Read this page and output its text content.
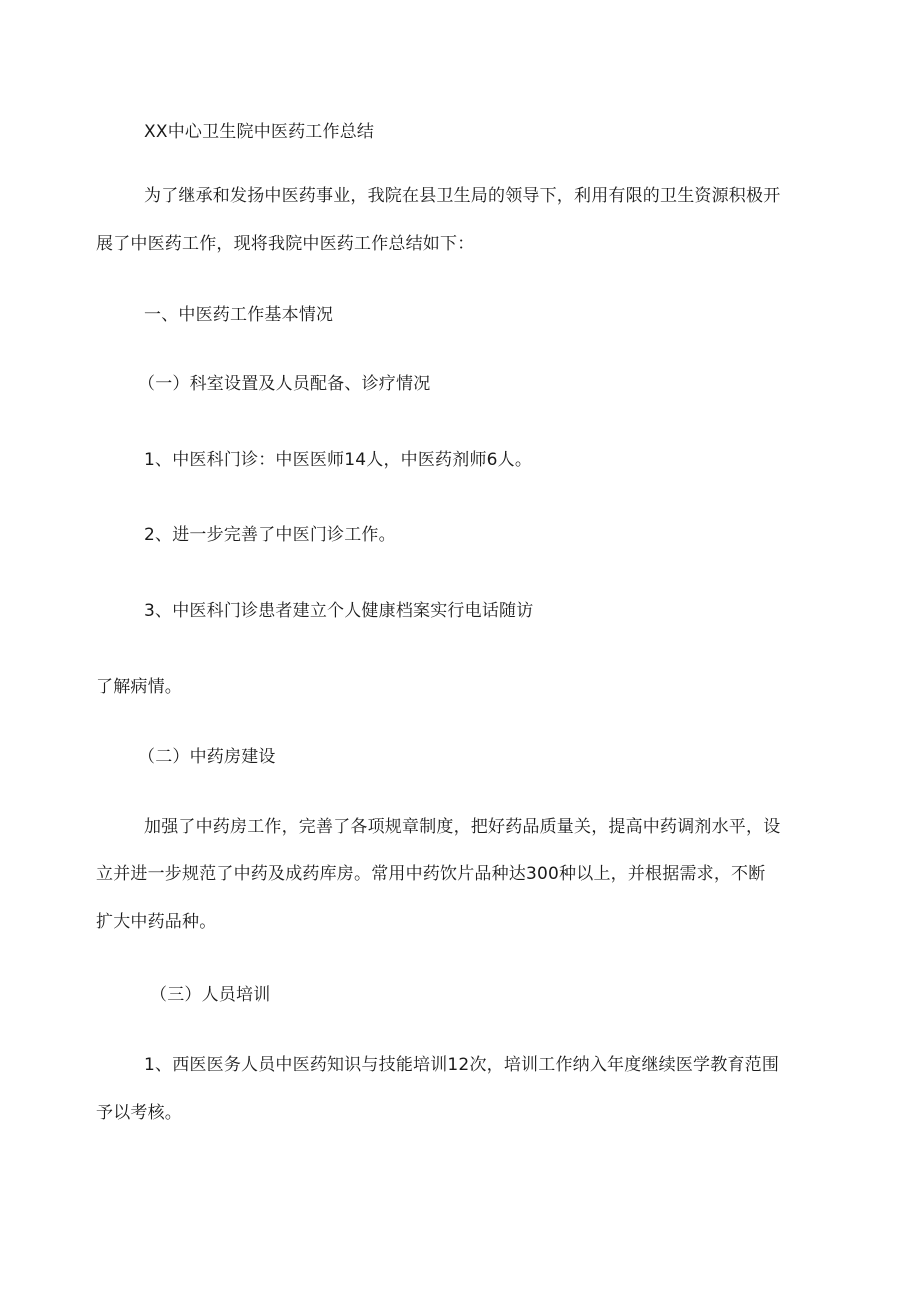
XX中心卫生院中医药工作总结
为了继承和发扬中医药事业，我院在县卫生局的领导下，利用有限的卫生资源积极开
展了中医药工作，现将我院中医药工作总结如下：
一、中医药工作基本情况
（一）科室设置及人员配备、诊疗情况
1、中医科门诊：中医医师14人，中医药剂师6人。
2、进一步完善了中医门诊工作。
3、中医科门诊患者建立个人健康档案实行电话随访
了解病情。
（二）中药房建设
加强了中药房工作，完善了各项规章制度，把好药品质量关，提高中药调剂水平，设
立并进一步规范了中药及成药库房。常用中药饮片品种达300种以上，并根据需求，不断
扩大中药品种。
（三）人员培训
1、西医医务人员中医药知识与技能培训12次，培训工作纳入年度继续医学教育范围
予以考核。
